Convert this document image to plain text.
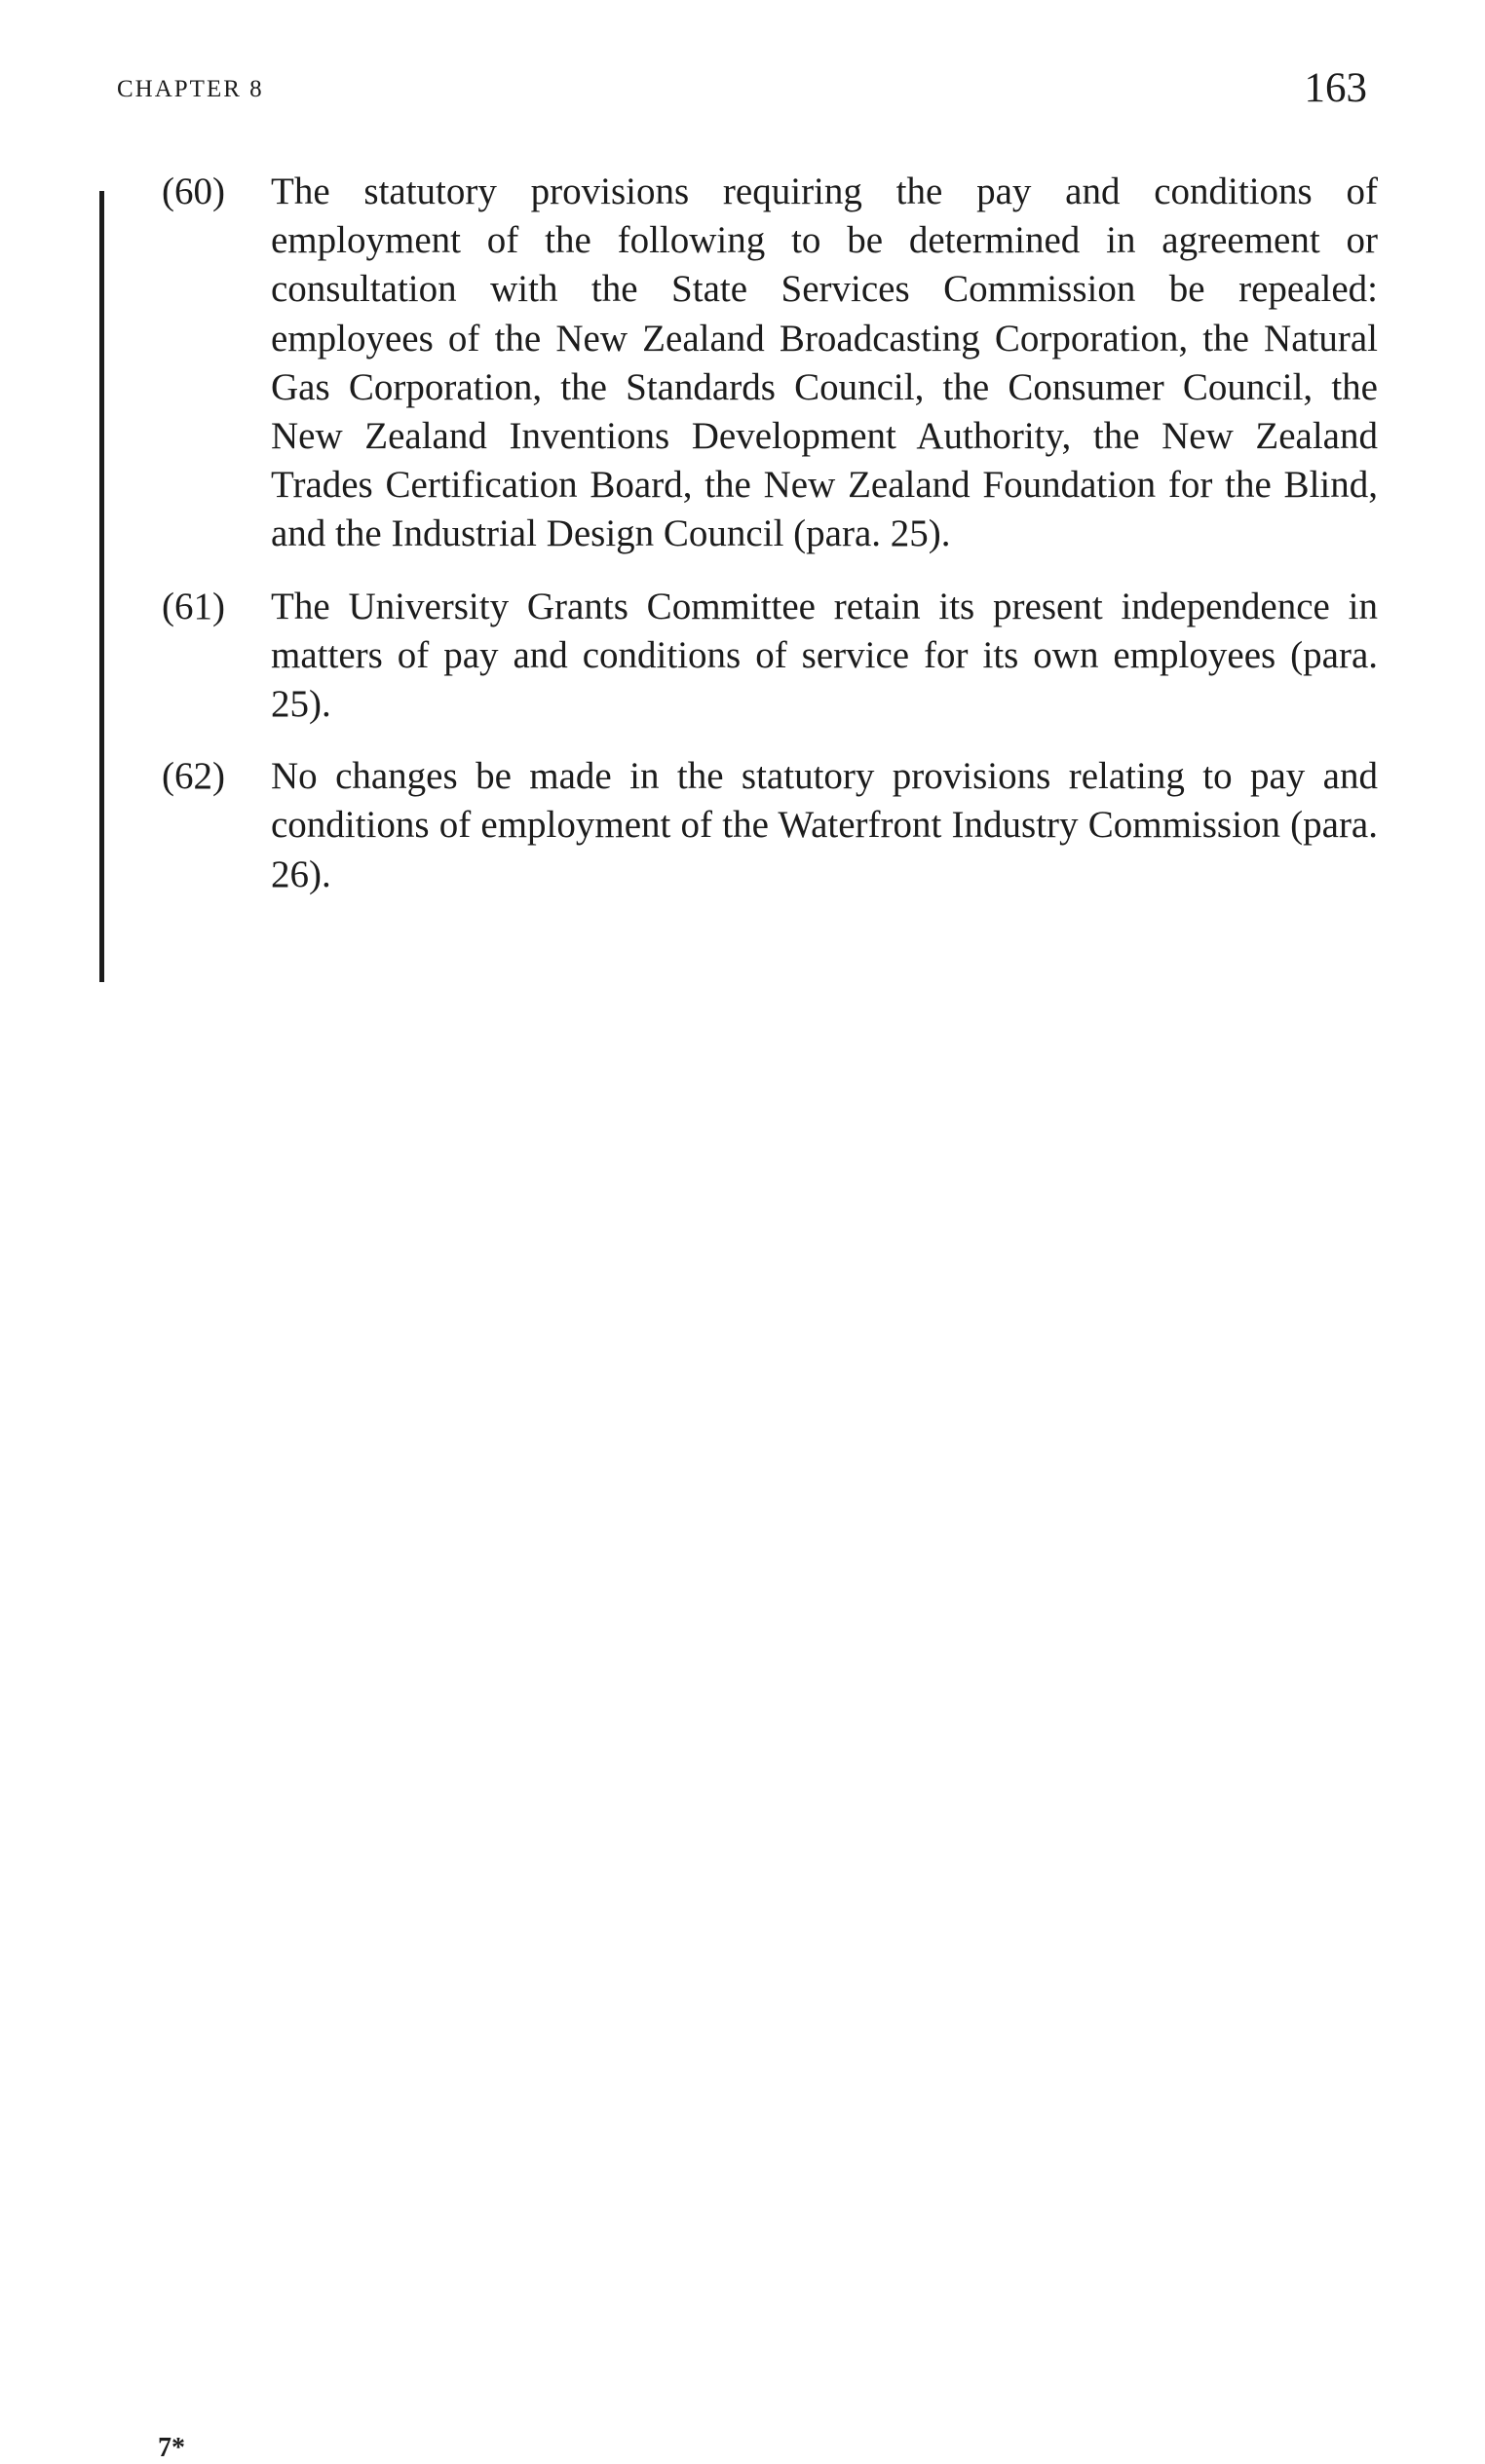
CHAPTER 8	163
(60) The statutory provisions requiring the pay and conditions of employment of the following to be determined in agreement or consultation with the State Services Commission be repealed: employees of the New Zealand Broadcasting Corporation, the Natural Gas Corporation, the Standards Council, the Consumer Council, the New Zealand Inventions Development Authority, the New Zealand Trades Certification Board, the New Zealand Foundation for the Blind, and the Industrial Design Council (para. 25).
(61) The University Grants Committee retain its present independence in matters of pay and conditions of service for its own employees (para. 25).
(62) No changes be made in the statutory provisions relating to pay and conditions of employment of the Waterfront Industry Commission (para. 26).
7*
